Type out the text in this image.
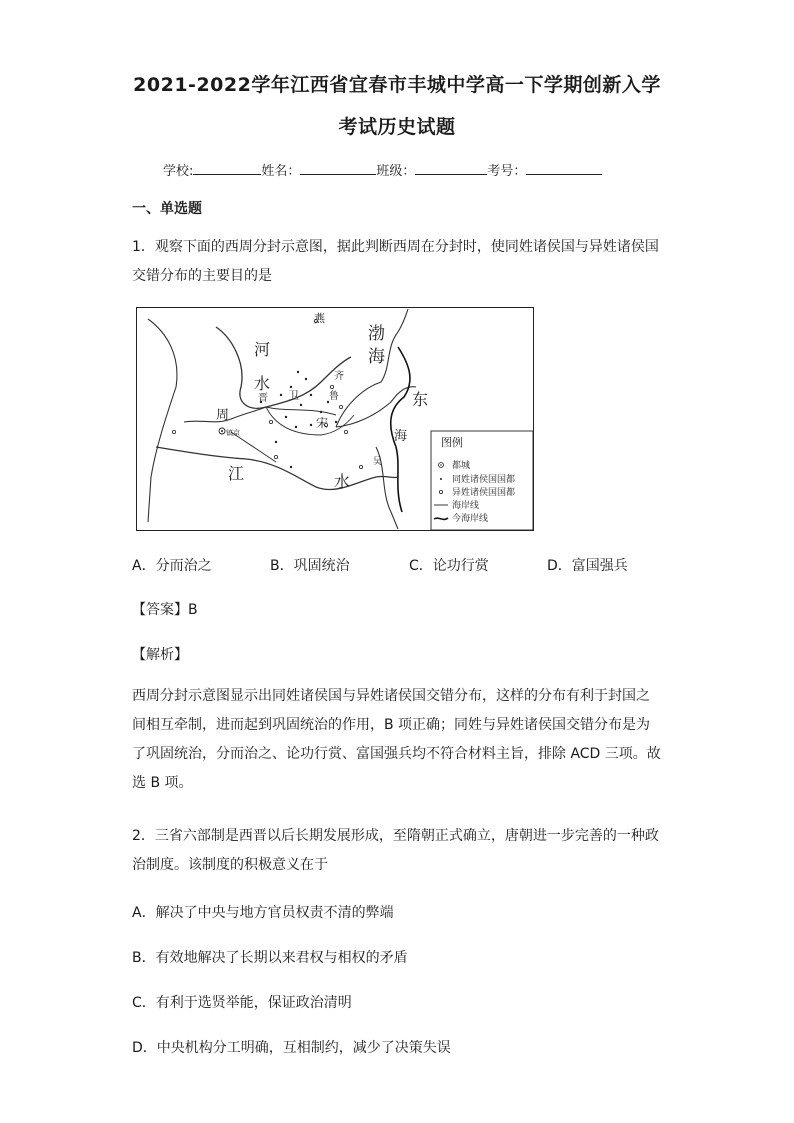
2021-2022学年江西省宜春市丰城中学高一下学期创新入学
考试历史试题
学校:	姓名：	班级：	考号：
一、单选题
1．观察下面的西周分封示意图，据此判断西周在分封时，使同姓诸侯国与异姓诸侯国
交错分布的主要目的是
燕
渤
海
河
水
晋 卫
齐
鲁
宋
周
镐京
东
海
江	水
吴
图例
都城
同姓诸侯国国都
异姓诸侯国国都
海岸线
今海岸线
A．分而治之	B．巩固统治	C．论功行赏	D．富国强兵
【答案】B
【解析】
西周分封示意图显示出同姓诸侯国与异姓诸侯国交错分布，这样的分布有利于封国之
间相互牵制，进而起到巩固统治的作用，B 项正确；同姓与异姓诸侯国交错分布是为
了巩固统治，分而治之、论功行赏、富国强兵均不符合材料主旨，排除 ACD 三项。故
选 B 项。
2．三省六部制是西晋以后长期发展形成，至隋朝正式确立，唐朝进一步完善的一种政
治制度。该制度的积极意义在于
A．解决了中央与地方官员权责不清的弊端
B．有效地解决了长期以来君权与相权的矛盾
C．有利于选贤举能，保证政治清明
D．中央机构分工明确，互相制约，减少了决策失误
